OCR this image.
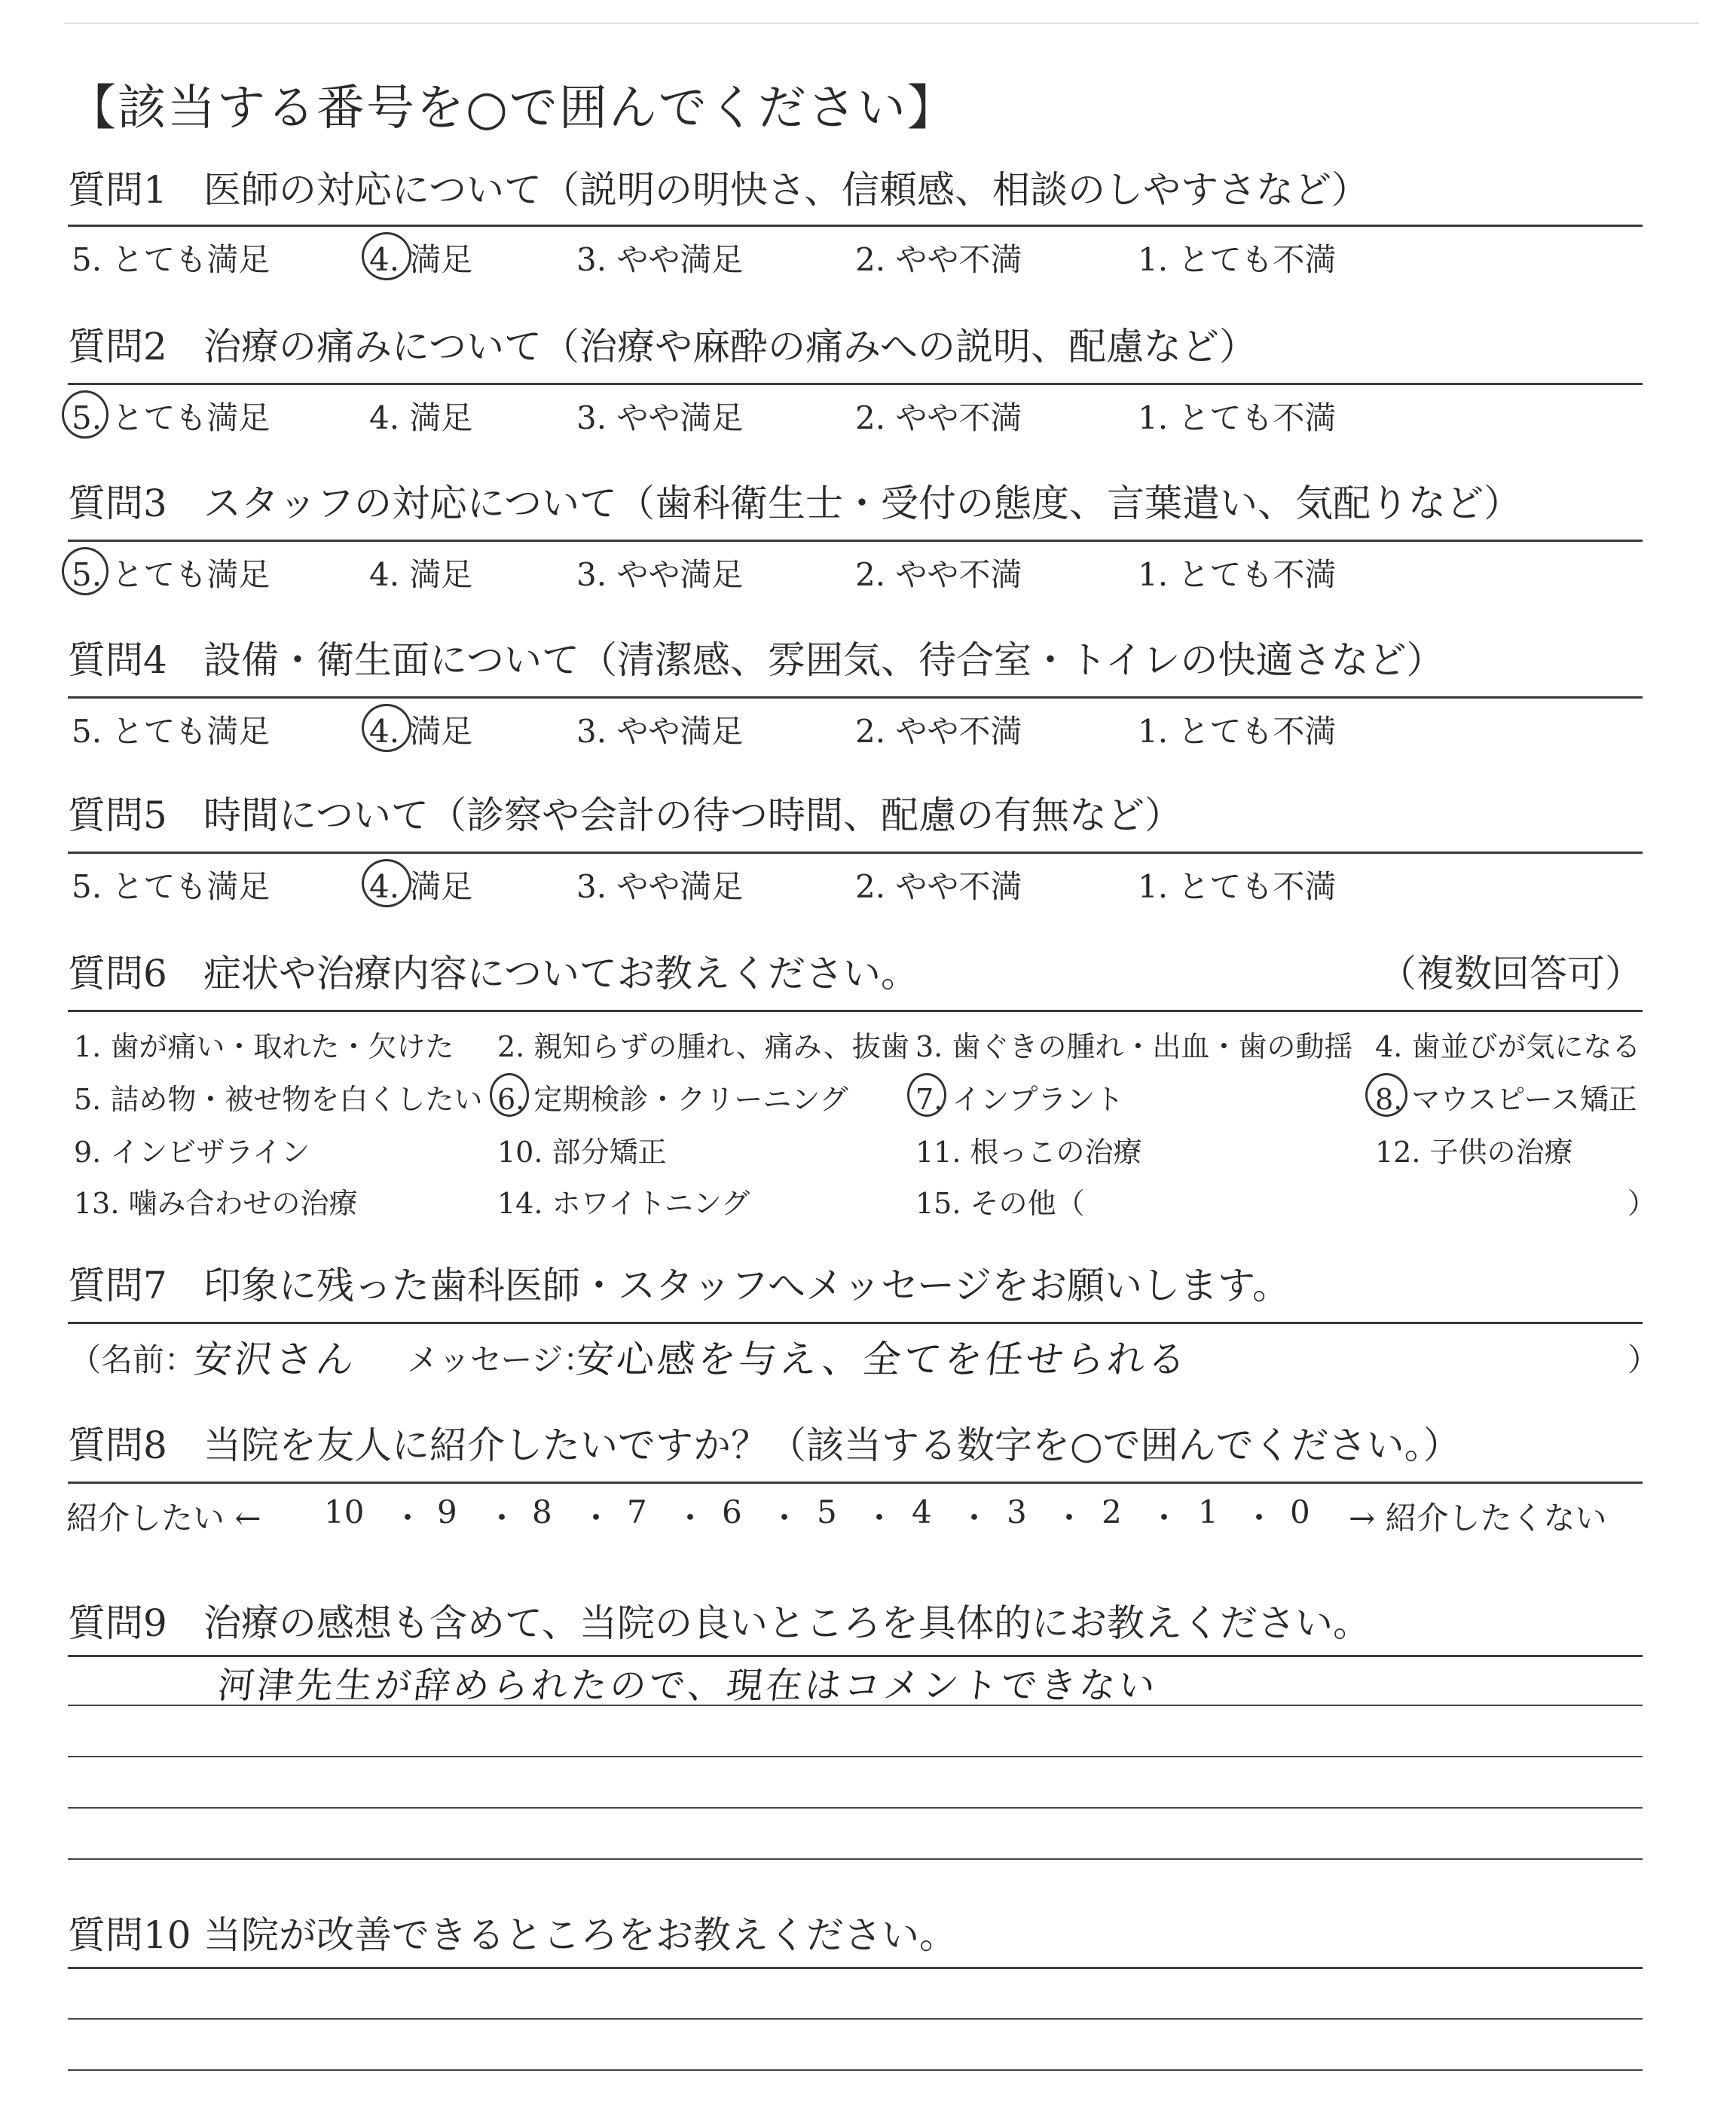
【該当する番号を○で囲んでください】
質問1 医師の対応について（説明の明快さ、信頼感、相談のしやすさなど）
5. とても満足	4. 満足	3. やや満足	2. やや不満	1. とても不満
質問2 治療の痛みについて（治療や麻酔の痛みへの説明、配慮など）
5. とても満足	4. 満足	3. やや満足	2. やや不満	1. とても不満
質問3 スタッフの対応について（歯科衛生士・受付の態度、言葉遣い、気配りなど）
5. とても満足	4. 満足	3. やや満足	2. やや不満	1. とても不満
質問4 設備・衛生面について（清潔感、雰囲気、待合室・トイレの快適さなど）
5. とても満足	4. 満足	3. やや満足	2. やや不満	1. とても不満
質問5 時間について（診察や会計の待つ時間、配慮の有無など）
5. とても満足	4. 満足	3. やや満足	2. やや不満	1. とても不満
質問6 症状や治療内容についてお教えください。	（複数回答可）
1. 歯が痛い・取れた・欠けた 2. 親知らずの腫れ、痛み、抜歯 3. 歯ぐきの腫れ・出血・歯の動揺 4. 歯並びが気になる
5. 詰め物・被せ物を白くしたい 6. 定期検診・クリーニング 7. インプラント	8. マウスピース矯正
9. インビザライン	10. 部分矯正	11. 根っこの治療	12. 子供の治療
13. 噛み合わせの治療	14. ホワイトニング	15. その他（	）
質問7 印象に残った歯科医師・スタッフへメッセージをお願いします。
（名前：
安沢さん メッセージ：
安心感を与え、全てを任せられる	）
質問8 当院を友人に紹介したいですか？（該当する数字を○で囲んでください。）
紹介したい ← 10 ・ 9 ・ 8 ・ 7 ・ 6 ・ 5 ・ 4 ・ 3 ・ 2 ・ 1 ・ 0 → 紹介したくない
質問9 治療の感想も含めて、当院の良いところを具体的にお教えください。
河津先生が辞められたので、現在はコメントできない
質問10 当院が改善できるところをお教えください。
